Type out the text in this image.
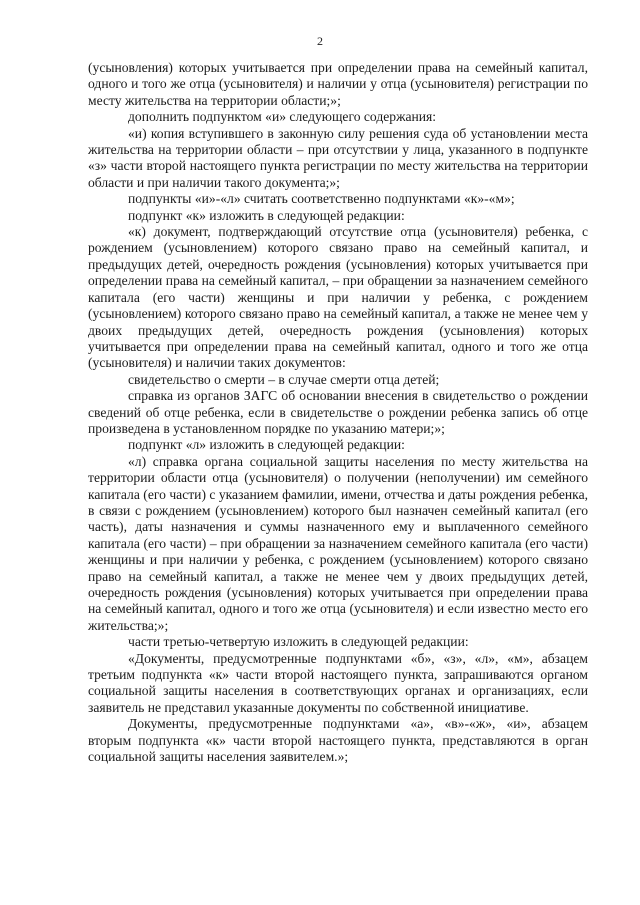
2

(усыновления) которых учитывается при определении права на семейный капитал, одного и того же отца (усыновителя) и наличии у отца (усыновителя) регистрации по месту жительства на территории области;»;

дополнить подпунктом «и» следующего содержания:

«и) копия вступившего в законную силу решения суда об установлении места жительства на территории области – при отсутствии у лица, указанного в подпункте «з» части второй настоящего пункта регистрации по месту жительства на территории области и при наличии такого документа;»;

подпункты «и»-«л» считать соответственно подпунктами «к»-«м»;

подпункт «к» изложить в следующей редакции:

«к) документ, подтверждающий отсутствие отца (усыновителя) ребенка, с рождением (усыновлением) которого связано право на семейный капитал, и предыдущих детей, очередность рождения (усыновления) которых учитывается при определении права на семейный капитал, – при обращении за назначением семейного капитала (его части) женщины и при наличии у ребенка, с рождением (усыновлением) которого связано право на семейный капитал, а также не менее чем у двоих предыдущих детей, очередность рождения (усыновления) которых учитывается при определении права на семейный капитал, одного и того же отца (усыновителя) и наличии таких документов:

свидетельство о смерти – в случае смерти отца детей;

справка из органов ЗАГС об основании внесения в свидетельство о рождении сведений об отце ребенка, если в свидетельстве о рождении ребенка запись об отце произведена в установленном порядке по указанию матери;»;

подпункт «л» изложить в следующей редакции:

«л) справка органа социальной защиты населения по месту жительства на территории области отца (усыновителя) о получении (неполучении) им семейного капитала (его части) с указанием фамилии, имени, отчества и даты рождения ребенка, в связи с рождением (усыновлением) которого был назначен семейный капитал (его часть), даты назначения и суммы назначенного ему и выплаченного семейного капитала (его части) – при обращении за назначением семейного капитала (его части) женщины и при наличии у ребенка, с рождением (усыновлением) которого связано право на семейный капитал, а также не менее чем у двоих предыдущих детей, очередность рождения (усыновления) которых учитывается при определении права на семейный капитал, одного и того же отца (усыновителя) и если известно место его жительства;»;

части третью-четвертую изложить в следующей редакции:

«Документы, предусмотренные подпунктами «б», «з», «л», «м», абзацем третьим подпункта «к» части второй настоящего пункта, запрашиваются органом социальной защиты населения в соответствующих органах и организациях, если заявитель не представил указанные документы по собственной инициативе.

Документы, предусмотренные подпунктами «а», «в»-«ж», «и», абзацем вторым подпункта «к» части второй настоящего пункта, представляются в орган социальной защиты населения заявителем.»;
